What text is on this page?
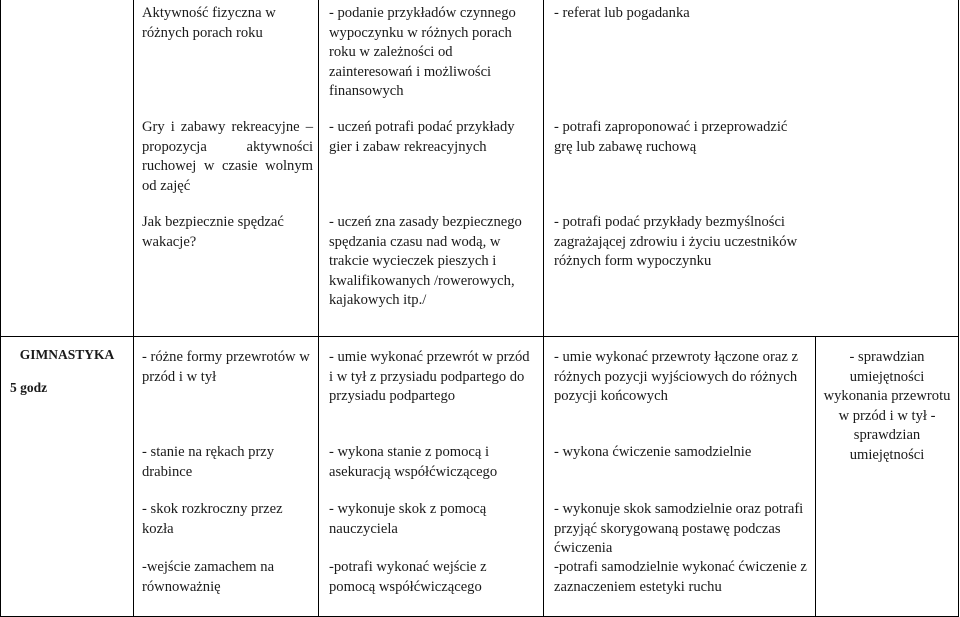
Aktywność fizyczna w różnych porach roku

- podanie przykładów czynnego wypoczynku w różnych porach roku w zależności od zainteresowań i możliwości finansowych

- referat lub pogadanka

Gry i zabawy rekreacyjne – propozycja aktywności ruchowej w czasie wolnym od zajęć

- uczeń potrafi podać przykłady gier i zabaw rekreacyjnych

- potrafi zaproponować i przeprowadzić grę lub zabawę ruchową

Jak bezpiecznie spędzać wakacje?

- uczeń zna zasady bezpiecznego spędzania czasu nad wodą, w trakcie wycieczek pieszych i kwalifikowanych /rowerowych, kajakowych itp./

- potrafi podać przykłady bezmyślności zagrażającej zdrowiu i życiu uczestników różnych form wypoczynku

GIMNASTYKA

5 godz

- różne formy przewrotów w przód i w tył

- stanie na rękach przy drabince

- skok rozkroczny przez kozła

-wejście zamachem na równoważnię

- umie wykonać przewrót w przód i w tył z przysiadu podpartego do przysiadu podpartego

- wykona stanie z pomocą i asekuracją współćwiczącego

- wykonuje skok z pomocą nauczyciela

-potrafi wykonać wejście z pomocą współćwiczącego

- umie wykonać przewroty łączone oraz z różnych pozycji wyjściowych do różnych pozycji końcowych

- wykona ćwiczenie samodzielnie

- wykonuje skok samodzielnie oraz potrafi przyjąć skorygowaną postawę podczas ćwiczenia

-potrafi samodzielnie wykonać ćwiczenie z zaznaczeniem estetyki ruchu

- sprawdzian umiejętności wykonania przewrotu w przód i w tył - sprawdzian umiejętności
